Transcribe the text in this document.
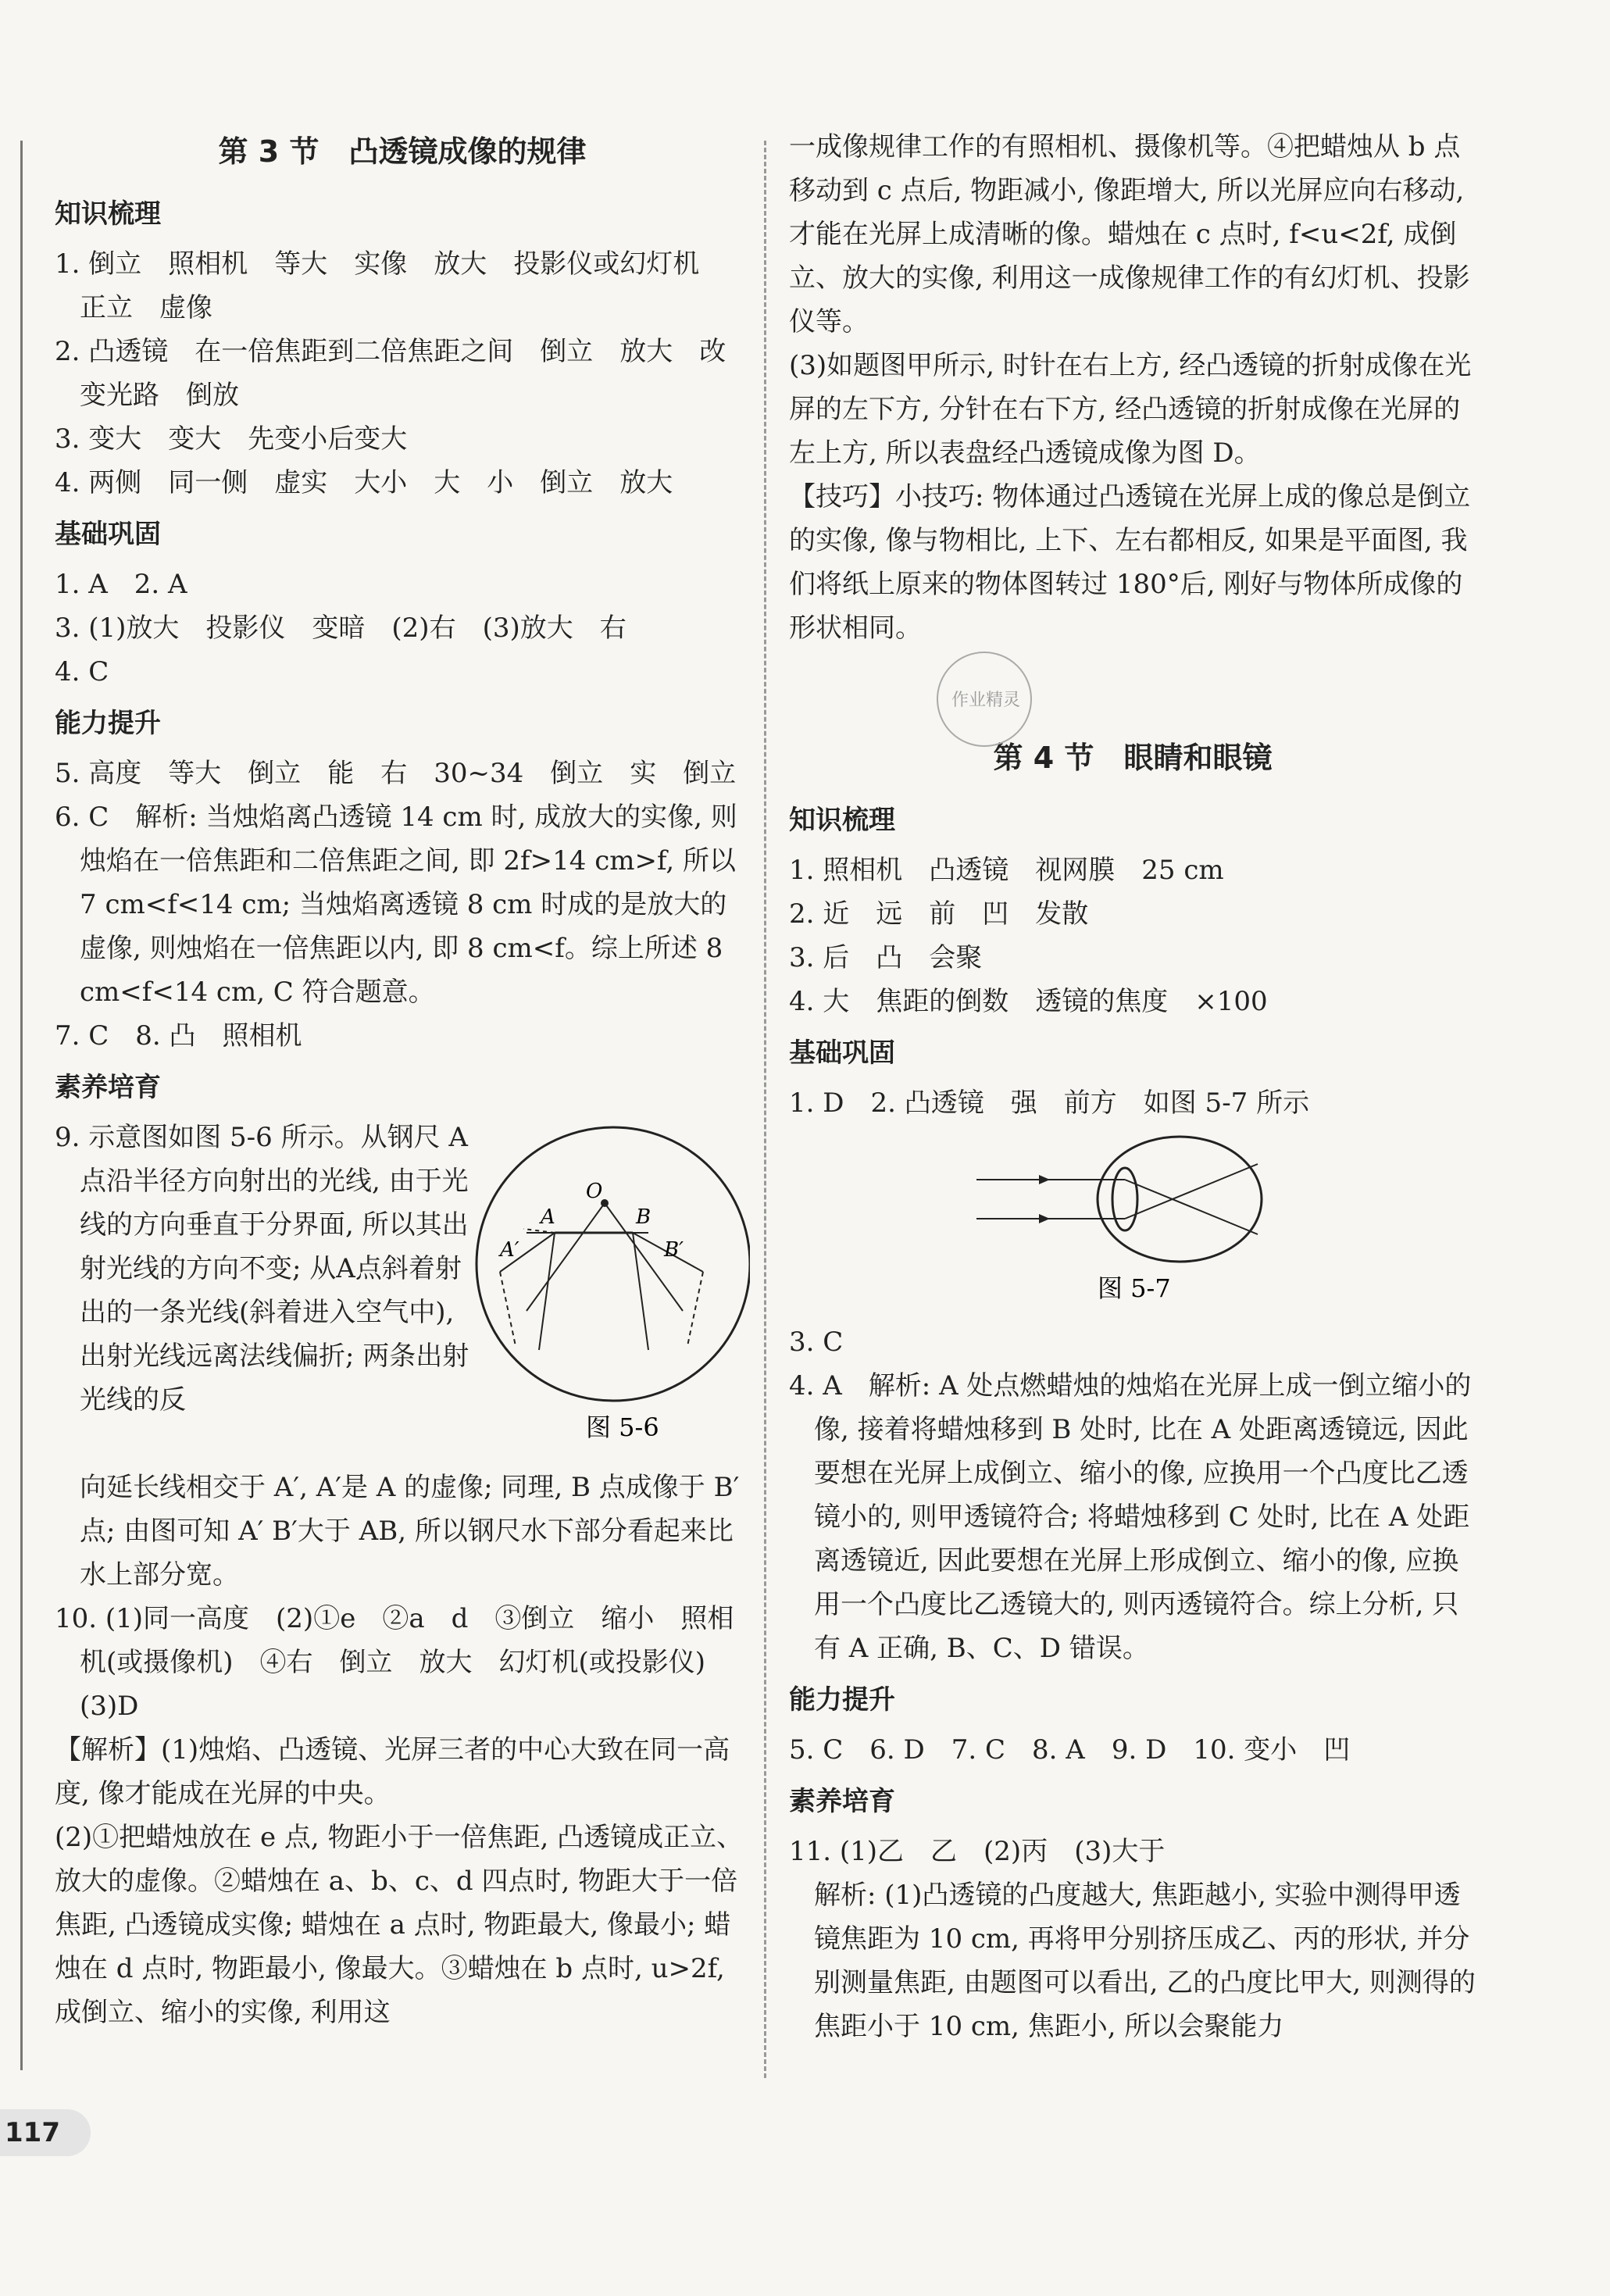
第 3 节　凸透镜成像的规律
知识梳理

1. 倒立　照相机　等大　实像　放大　投影仪或幻灯机　正立　虚像

2. 凸透镜　在一倍焦距到二倍焦距之间　倒立　放大　改变光路　倒放

3. 变大　变大　先变小后变大

4. 两侧　同一侧　虚实　大小　大　小　倒立　放大

基础巩固

1. A　2. A

3. (1)放大　投影仪　变暗　(2)右　(3)放大　右

4. C

能力提升

5. 高度　等大　倒立　能　右　30~34　倒立　实　倒立

6. C　解析: 当烛焰离凸透镜 14 cm 时, 成放大的实像, 则烛焰在一倍焦距和二倍焦距之间, 即 2f>14 cm>f, 所以 7 cm<f<14 cm; 当烛焰离透镜 8 cm 时成的是放大的虚像, 则烛焰在一倍焦距以内, 即 8 cm<f。综上所述 8 cm<f<14 cm, C 符合题意。

7. C　8. 凸　照相机

素养培育

9. 示意图如图 5-6 所示。从钢尺 A 点沿半径方向射出的光线, 由于光线的方向垂直于分界面, 所以其出射光线的方向不变; 从A点斜着射出的一条光线(斜着进入空气中), 出射光线远离法线偏折; 两条出射光线的反

O
A
A′
B
B′
图 5-6

向延长线相交于 A′, A′是 A 的虚像; 同理, B 点成像于 B′点; 由图可知 A′ B′大于 AB, 所以钢尺水下部分看起来比水上部分宽。

10. (1)同一高度　(2)①e　②a　d　③倒立　缩小　照相机(或摄像机)　④右　倒立　放大　幻灯机(或投影仪)　(3)D

【解析】(1)烛焰、凸透镜、光屏三者的中心大致在同一高度, 像才能成在光屏的中央。

(2)①把蜡烛放在 e 点, 物距小于一倍焦距, 凸透镜成正立、放大的虚像。②蜡烛在 a、b、c、d 四点时, 物距大于一倍焦距, 凸透镜成实像; 蜡烛在 a 点时, 物距最大, 像最小; 蜡烛在 d 点时, 物距最小, 像最大。③蜡烛在 b 点时, u>2f, 成倒立、缩小的实像, 利用这

一成像规律工作的有照相机、摄像机等。④把蜡烛从 b 点移动到 c 点后, 物距减小, 像距增大, 所以光屏应向右移动, 才能在光屏上成清晰的像。蜡烛在 c 点时, f<u<2f, 成倒立、放大的实像, 利用这一成像规律工作的有幻灯机、投影仪等。

(3)如题图甲所示, 时针在右上方, 经凸透镜的折射成像在光屏的左下方, 分针在右下方, 经凸透镜的折射成像在光屏的左上方, 所以表盘经凸透镜成像为图 D。

【技巧】小技巧: 物体通过凸透镜在光屏上成的像总是倒立的实像, 像与物相比, 上下、左右都相反, 如果是平面图, 我们将纸上原来的物体图转过 180°后, 刚好与物体所成像的形状相同。

第 4 节　眼睛和眼镜
知识梳理

1. 照相机　凸透镜　视网膜　25 cm

2. 近　远　前　凹　发散

3. 后　凸　会聚

4. 大　焦距的倒数　透镜的焦度　×100

基础巩固

1. D　2. 凸透镜　强　前方　如图 5-7 所示

图 5-7

3. C

4. A　解析: A 处点燃蜡烛的烛焰在光屏上成一倒立缩小的像, 接着将蜡烛移到 B 处时, 比在 A 处距离透镜远, 因此要想在光屏上成倒立、缩小的像, 应换用一个凸度比乙透镜小的, 则甲透镜符合; 将蜡烛移到 C 处时, 比在 A 处距离透镜近, 因此要想在光屏上形成倒立、缩小的像, 应换用一个凸度比乙透镜大的, 则丙透镜符合。综上分析, 只有 A 正确, B、C、D 错误。

能力提升

5. C　6. D　7. C　8. A　9. D　10. 变小　凹

素养培育

11. (1)乙　乙　(2)丙　(3)大于

解析: (1)凸透镜的凸度越大, 焦距越小, 实验中测得甲透镜焦距为 10 cm, 再将甲分别挤压成乙、丙的形状, 并分别测量焦距, 由题图可以看出, 乙的凸度比甲大, 则测得的焦距小于 10 cm, 焦距小, 所以会聚能力

作业精灵
117
